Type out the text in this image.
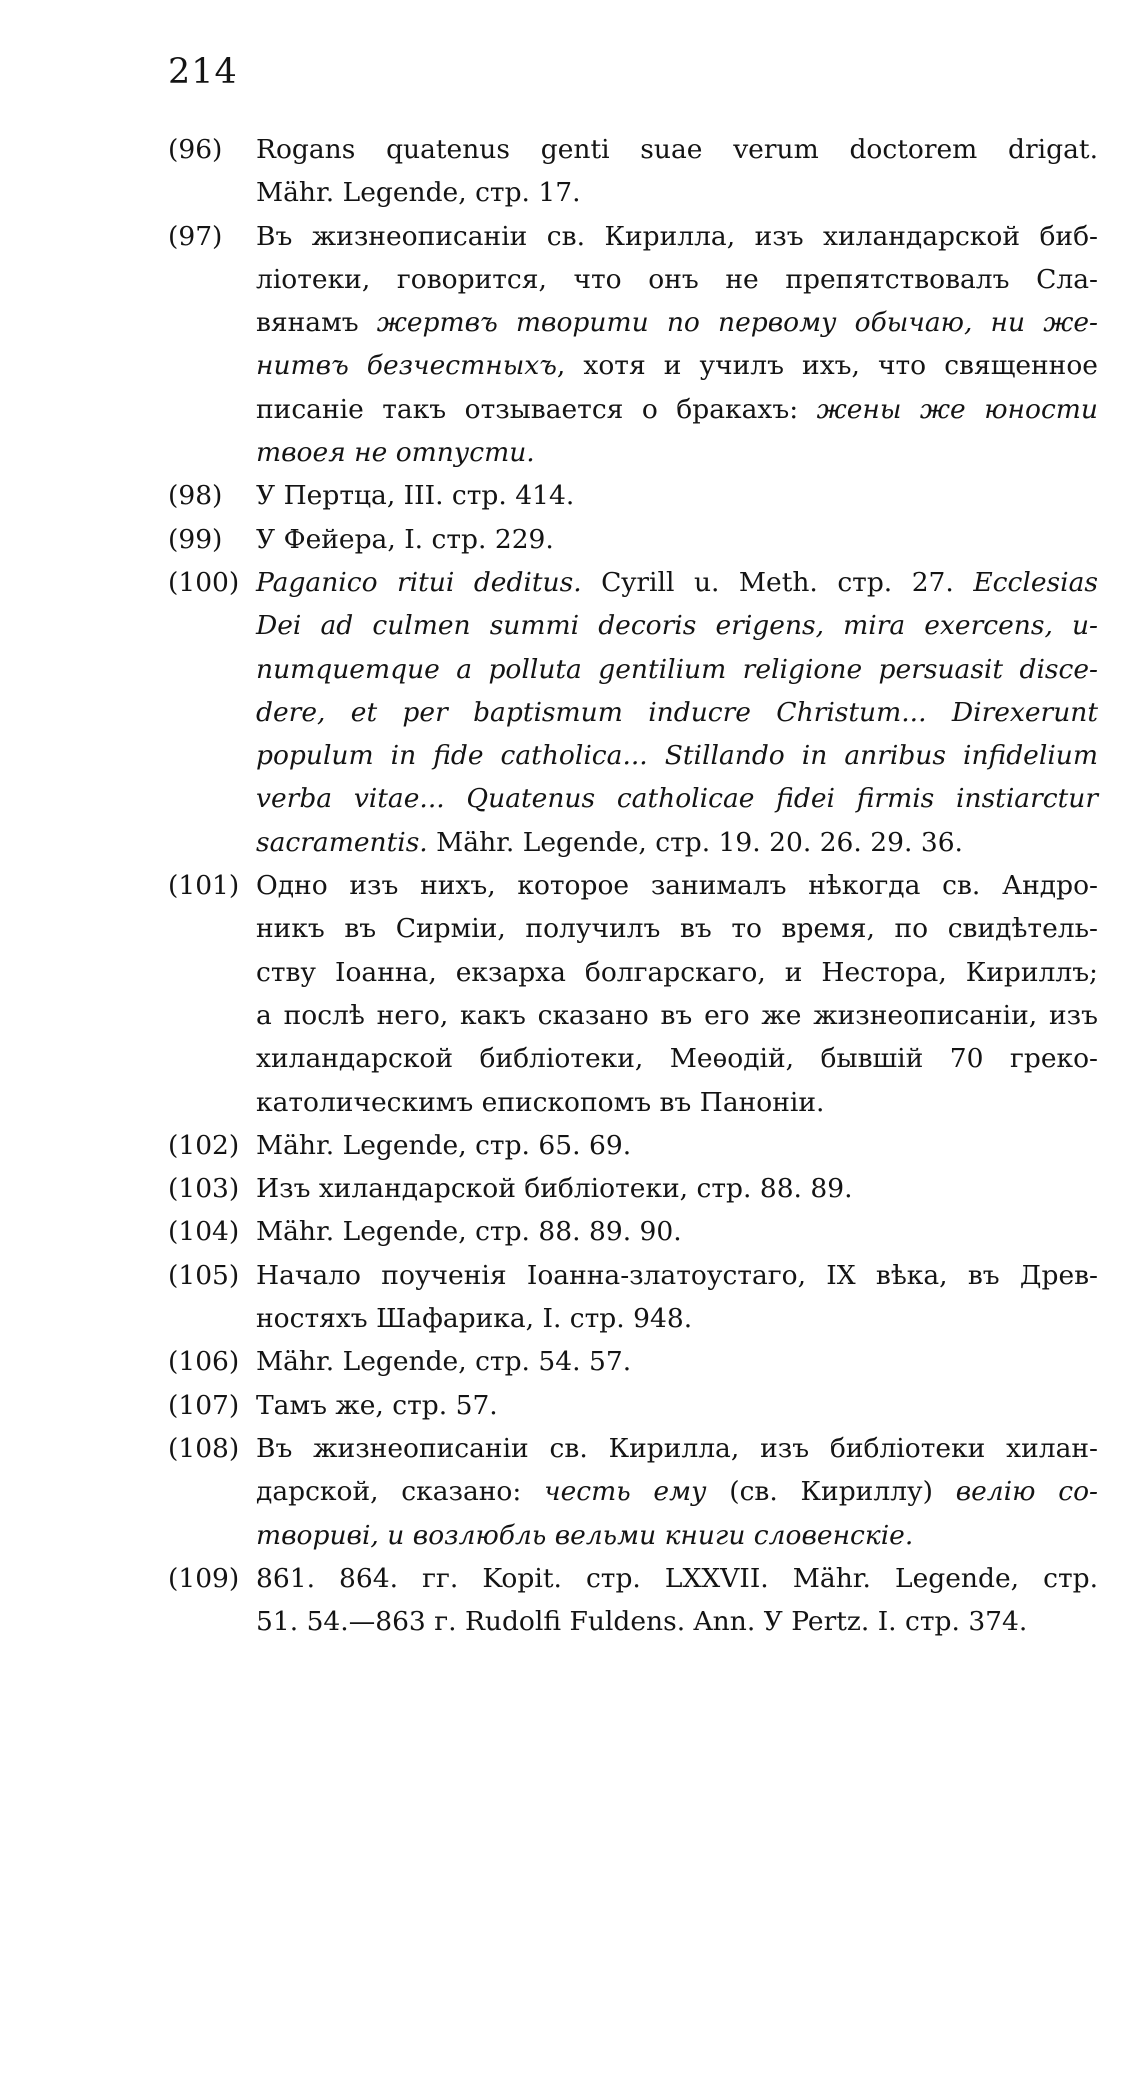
214
(96)	Rogans quatenus genti suae verum doctorem drigat.
Mähr. Legende, стр. 17.
(97)	Въ жизнеописаніи св. Кирилла, изъ хиландарской биб-
ліотеки, говорится, что онъ не препятствовалъ Сла-
вянамъ жертвъ творити по первому обычаю, ни же-
нитвъ безчестныхъ, хотя и училъ ихъ, что священное
писаніе такъ отзывается о бракахъ: жены же юности
твоея не отпусти.
(98)	У Пертца, III. стр. 414.
(99)	У Фейера, I. стр. 229.
(100) Paganico ritui deditus. Cyrill u. Meth. стр. 27. Ecclesias
Dei ad culmen summi decoris erigens, mira exercens, u-
numquemque a polluta gentilium religione persuasit disce-
dere, et per baptismum inducre Christum... Direxerunt
populum in fide catholica... Stillando in anribus infidelium
verba vitae... Quatenus catholicae fidei firmis instiarctur
sacramentis. Mähr. Legende, стр. 19. 20. 26. 29. 36.
(101) Одно изъ нихъ, которое занималъ нѣкогда св. Андро-
никъ въ Сирміи, получилъ въ то время, по свидѣтель-
ству Іоанна, екзарха болгарскаго, и Нестора, Кириллъ;
а послѣ него, какъ сказано въ его же жизнеописаніи, изъ
хиландарской библіотеки, Меѳодій, бывшій 70 греко-
католическимъ епископомъ въ Паноніи.
(102) Mähr. Legende, стр. 65. 69.
(103) Изъ хиландарской библіотеки, стр. 88. 89.
(104) Mähr. Legende, стр. 88. 89. 90.
(105) Начало поученія Іоанна-златоустаго, IX вѣка, въ Древ-
ностяхъ Шафарика, I. стр. 948.
(106) Mähr. Legende, стр. 54. 57.
(107) Тамъ же, стр. 57.
(108) Въ жизнеописаніи св. Кирилла, изъ библіотеки хилан-
дарской, сказано: честь ему (св. Кириллу) велію со-
твориві, и возлюбль вельми книги словенскіе.
(109) 861. 864. гг. Kopit. стр. LXXVII. Mähr. Legende, стр.
51. 54.—863 г. Rudolfi Fuldens. Ann. У Pertz. I. стр. 374.
